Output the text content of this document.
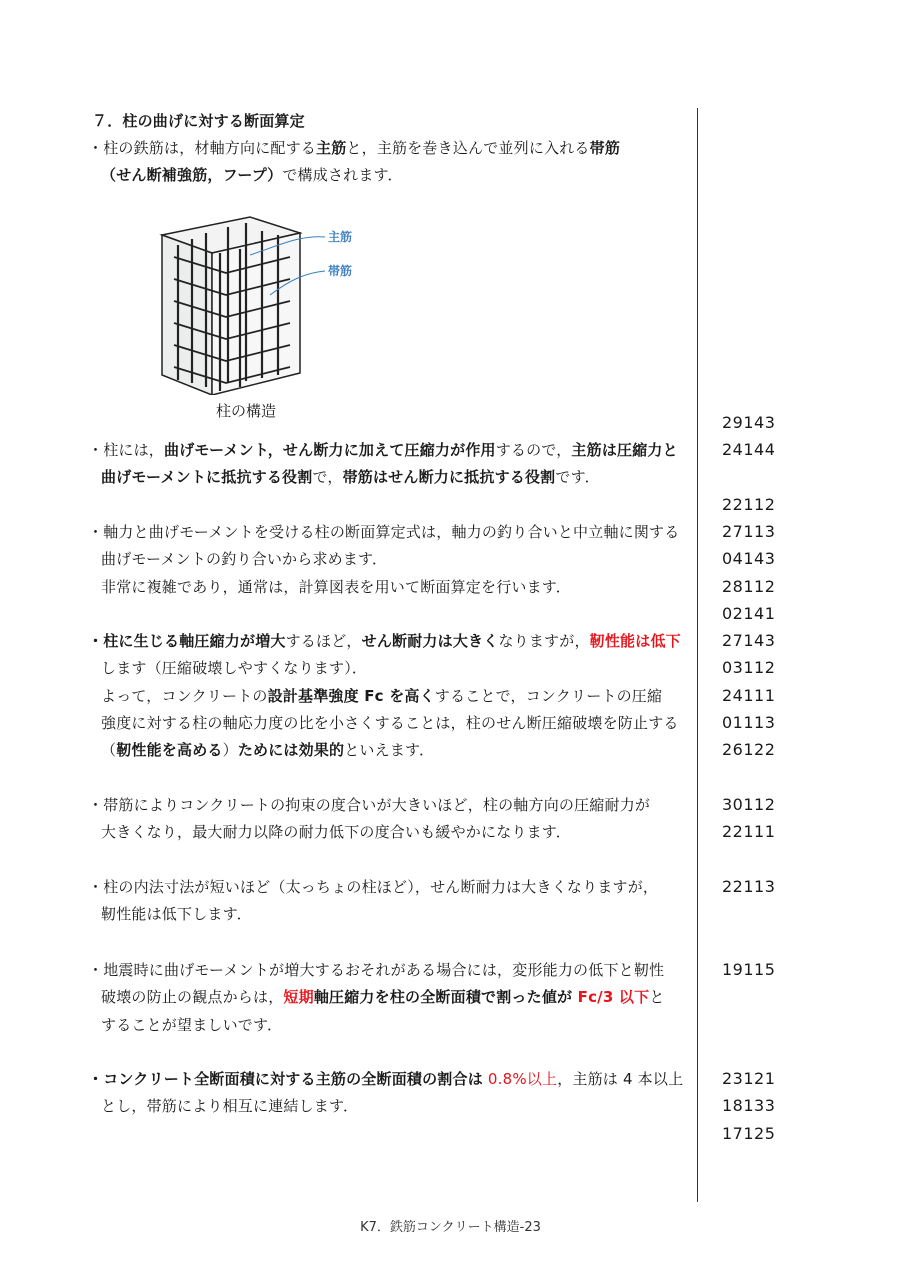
７．柱の曲げに対する断面算定
・柱の鉄筋は，材軸方向に配する主筋と，主筋を巻き込んで並列に入れる帯筋
（せん断補強筋，フープ）で構成されます．
主筋
帯筋
柱の構造
・柱には，曲げモーメント，せん断力に加えて圧縮力が作用するので，主筋は圧縮力と
曲げモーメントに抵抗する役割で，帯筋はせん断力に抵抗する役割です．
・軸力と曲げモーメントを受ける柱の断面算定式は，軸力の釣り合いと中立軸に関する
曲げモーメントの釣り合いから求めます．
非常に複雑であり，通常は，計算図表を用いて断面算定を行います．
・柱に生じる軸圧縮力が増大するほど，せん断耐力は大きくなりますが，靭性能は低下
します（圧縮破壊しやすくなります）．
よって，コンクリートの設計基準強度 Fc を高くすることで，コンクリートの圧縮
強度に対する柱の軸応力度の比を小さくすることは，柱のせん断圧縮破壊を防止する
（靭性能を高める）ためには効果的といえます．
・帯筋によりコンクリートの拘束の度合いが大きいほど，柱の軸方向の圧縮耐力が
大きくなり，最大耐力以降の耐力低下の度合いも緩やかになります．
・柱の内法寸法が短いほど（太っちょの柱ほど），せん断耐力は大きくなりますが，
靭性能は低下します．
・地震時に曲げモーメントが増大するおそれがある場合には，変形能力の低下と靭性
破壊の防止の観点からは，短期軸圧縮力を柱の全断面積で割った値が Fc/3 以下と
することが望ましいです．
・コンクリート全断面積に対する主筋の全断面積の割合は 0.8%以上，主筋は 4 本以上
とし，帯筋により相互に連結します．
29143
24144
22112
27113
04143
28112
02141
27143
03112
24111
01113
26122
30112
22111
22113
19115
23121
18133
17125
K7．鉄筋コンクリート構造-23
